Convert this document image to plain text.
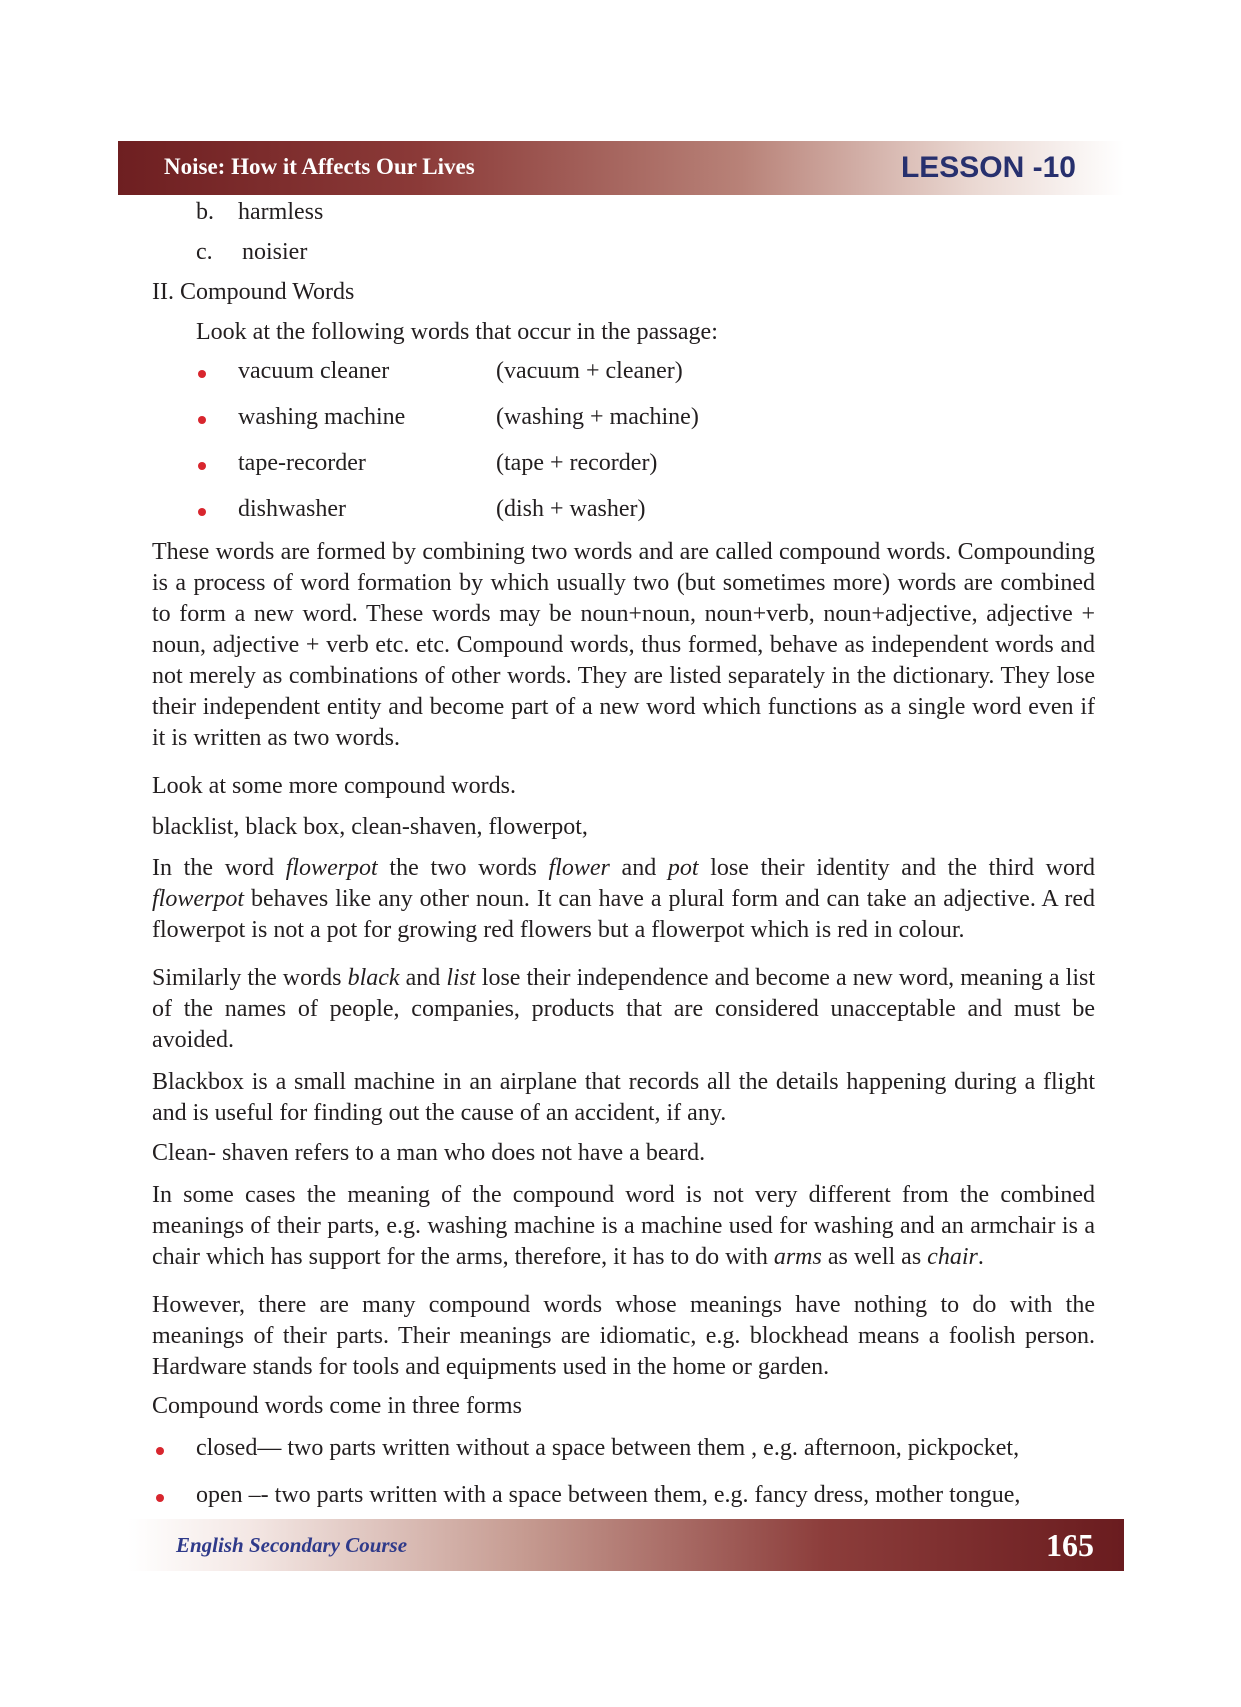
Noise: How it Affects Our Lives	LESSON -10
b. harmless
c. noisier
II. Compound Words
Look at the following words that occur in the passage:
vacuum cleaner	(vacuum + cleaner)
washing machine	(washing + machine)
tape-recorder	(tape + recorder)
dishwasher	(dish + washer)

These words are formed by combining two words and are called compound words. Compounding is a process of word formation by which usually two (but sometimes more) words are combined to form a new word. These words may be noun+noun, noun+verb, noun+adjective, adjective + noun, adjective + verb etc. etc. Compound words, thus formed, behave as independent words and not merely as combinations of other words. They are listed separately in the dictionary. They lose their independent entity and become part of a new word which functions as a single word even if it is written as two words.

Look at some more compound words.
blacklist, black box, clean-shaven, flowerpot,

In the word flowerpot the two words flower and pot lose their identity and the third word flowerpot behaves like any other noun. It can have a plural form and can take an adjective. A red flowerpot is not a pot for growing red flowers but a flowerpot which is red in colour.

Similarly the words black and list lose their independence and become a new word, meaning a list of the names of people, companies, products that are considered unacceptable and must be avoided.

Blackbox is a small machine in an airplane that records all the details happening during a flight and is useful for finding out the cause of an accident, if any.

Clean- shaven refers to a man who does not have a beard.

In some cases the meaning of the compound word is not very different from the combined meanings of their parts, e.g. washing machine is a machine used for washing and an armchair is a chair which has support for the arms, therefore, it has to do with arms as well as chair.

However, there are many compound words whose meanings have nothing to do with the meanings of their parts. Their meanings are idiomatic, e.g. blockhead means a foolish person. Hardware stands for tools and equipments used in the home or garden.

Compound words come in three forms
closed— two parts written without a space between them , e.g. afternoon, pickpocket,
open –- two parts written with a space between them, e.g. fancy dress, mother tongue,
English Secondary Course	165
